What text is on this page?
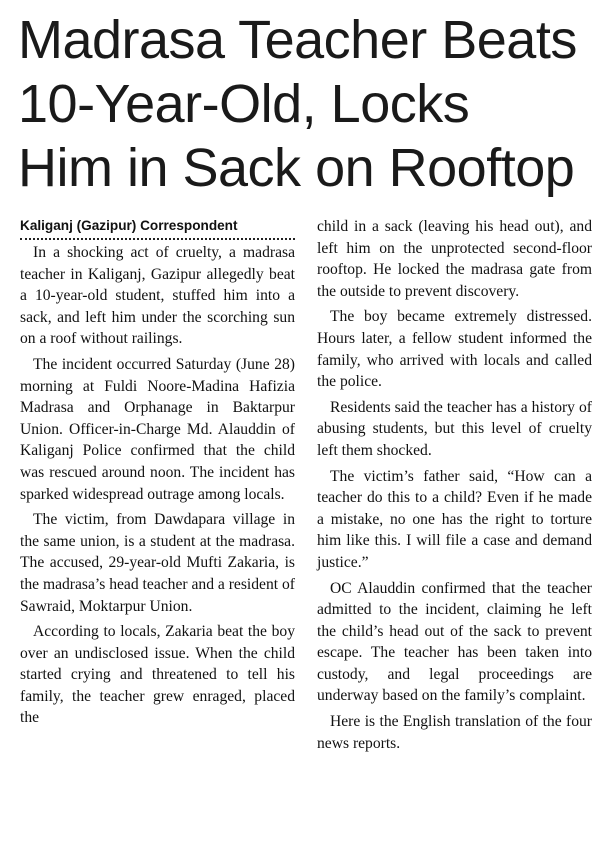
Madrasa Teacher Beats
10-Year-Old, Locks
Him in Sack on Rooftop
Kaliganj (Gazipur) Correspondent

In a shocking act of cruelty, a madrasa teacher in Kaliganj, Gazipur allegedly beat a 10-year-old student, stuffed him into a sack, and left him under the scorching sun on a roof without railings.

The incident occurred Saturday (June 28) morning at Fuldi Noore-Madina Hafizia Madrasa and Orphanage in Baktarpur Union. Officer-in-Charge Md. Alauddin of Kaliganj Police confirmed that the child was rescued around noon. The incident has sparked widespread outrage among locals.

The victim, from Dawdapara village in the same union, is a student at the madrasa. The accused, 29-year-old Mufti Zakaria, is the madrasa’s head teacher and a resident of Sawraid, Moktarpur Union.

According to locals, Zakaria beat the boy over an undisclosed issue. When the child started crying and threatened to tell his family, the teacher grew enraged, placed the

child in a sack (leaving his head out), and left him on the unprotected second-floor rooftop. He locked the madrasa gate from the outside to prevent discovery.

The boy became extremely distressed. Hours later, a fellow student informed the family, who arrived with locals and called the police.

Residents said the teacher has a history of abusing students, but this level of cruelty left them shocked.

The victim’s father said, “How can a teacher do this to a child? Even if he made a mistake, no one has the right to torture him like this. I will file a case and demand justice.”

OC Alauddin confirmed that the teacher admitted to the incident, claiming he left the child’s head out of the sack to prevent escape. The teacher has been taken into custody, and legal proceedings are underway based on the family’s complaint.

Here is the English translation of the four news reports.
